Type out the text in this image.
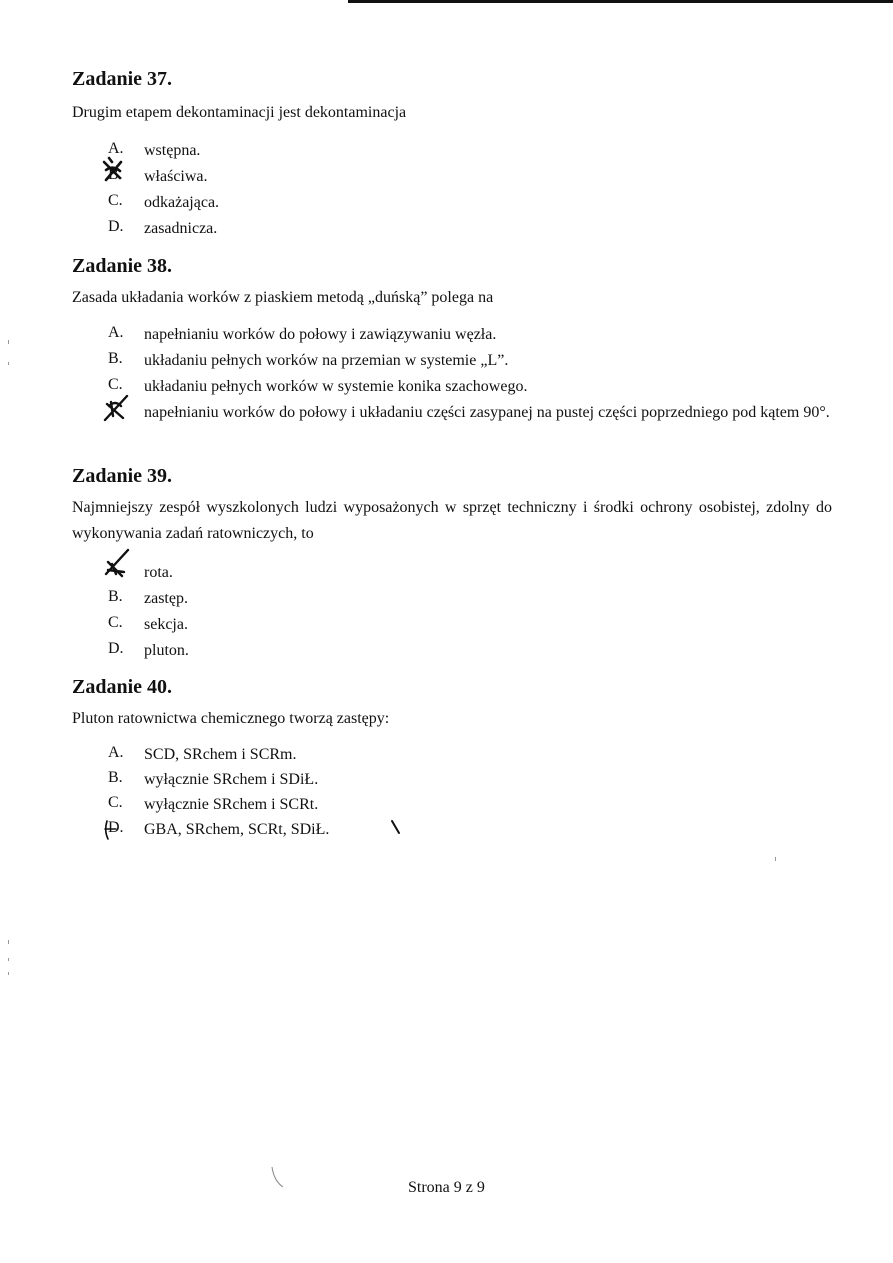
Zadanie 37.
Drugim etapem dekontaminacji jest dekontaminacja
A. wstępna.
B. właściwa.
C. odkażająca.
D. zasadnicza.
Zadanie 38.
Zasada układania worków z piaskiem metodą „duńską” polega na
A. napełnianiu worków do połowy i zawiązywaniu węzła.
B. układaniu pełnych worków na przemian w systemie „L”.
C. układaniu pełnych worków w systemie konika szachowego.
napełnianiu worków do połowy i układaniu części zasypanej na pustej części poprzedniego pod kątem 90°.
Zadanie 39.
Najmniejszy zespół wyszkolonych ludzi wyposażonych w sprzęt techniczny i środki ochrony osobistej, zdolny do wykonywania zadań ratowniczych, to
rota.
B. zastęp.
C. sekcja.
D. pluton.
Zadanie 40.
Pluton ratownictwa chemicznego tworzą zastępy:
A. SCD, SRchem i SCRm.
B. wyłącznie SRchem i SDiŁ.
C. wyłącznie SRchem i SCRt.
D. GBA, SRchem, SCRt, SDiŁ.
Strona 9 z 9
